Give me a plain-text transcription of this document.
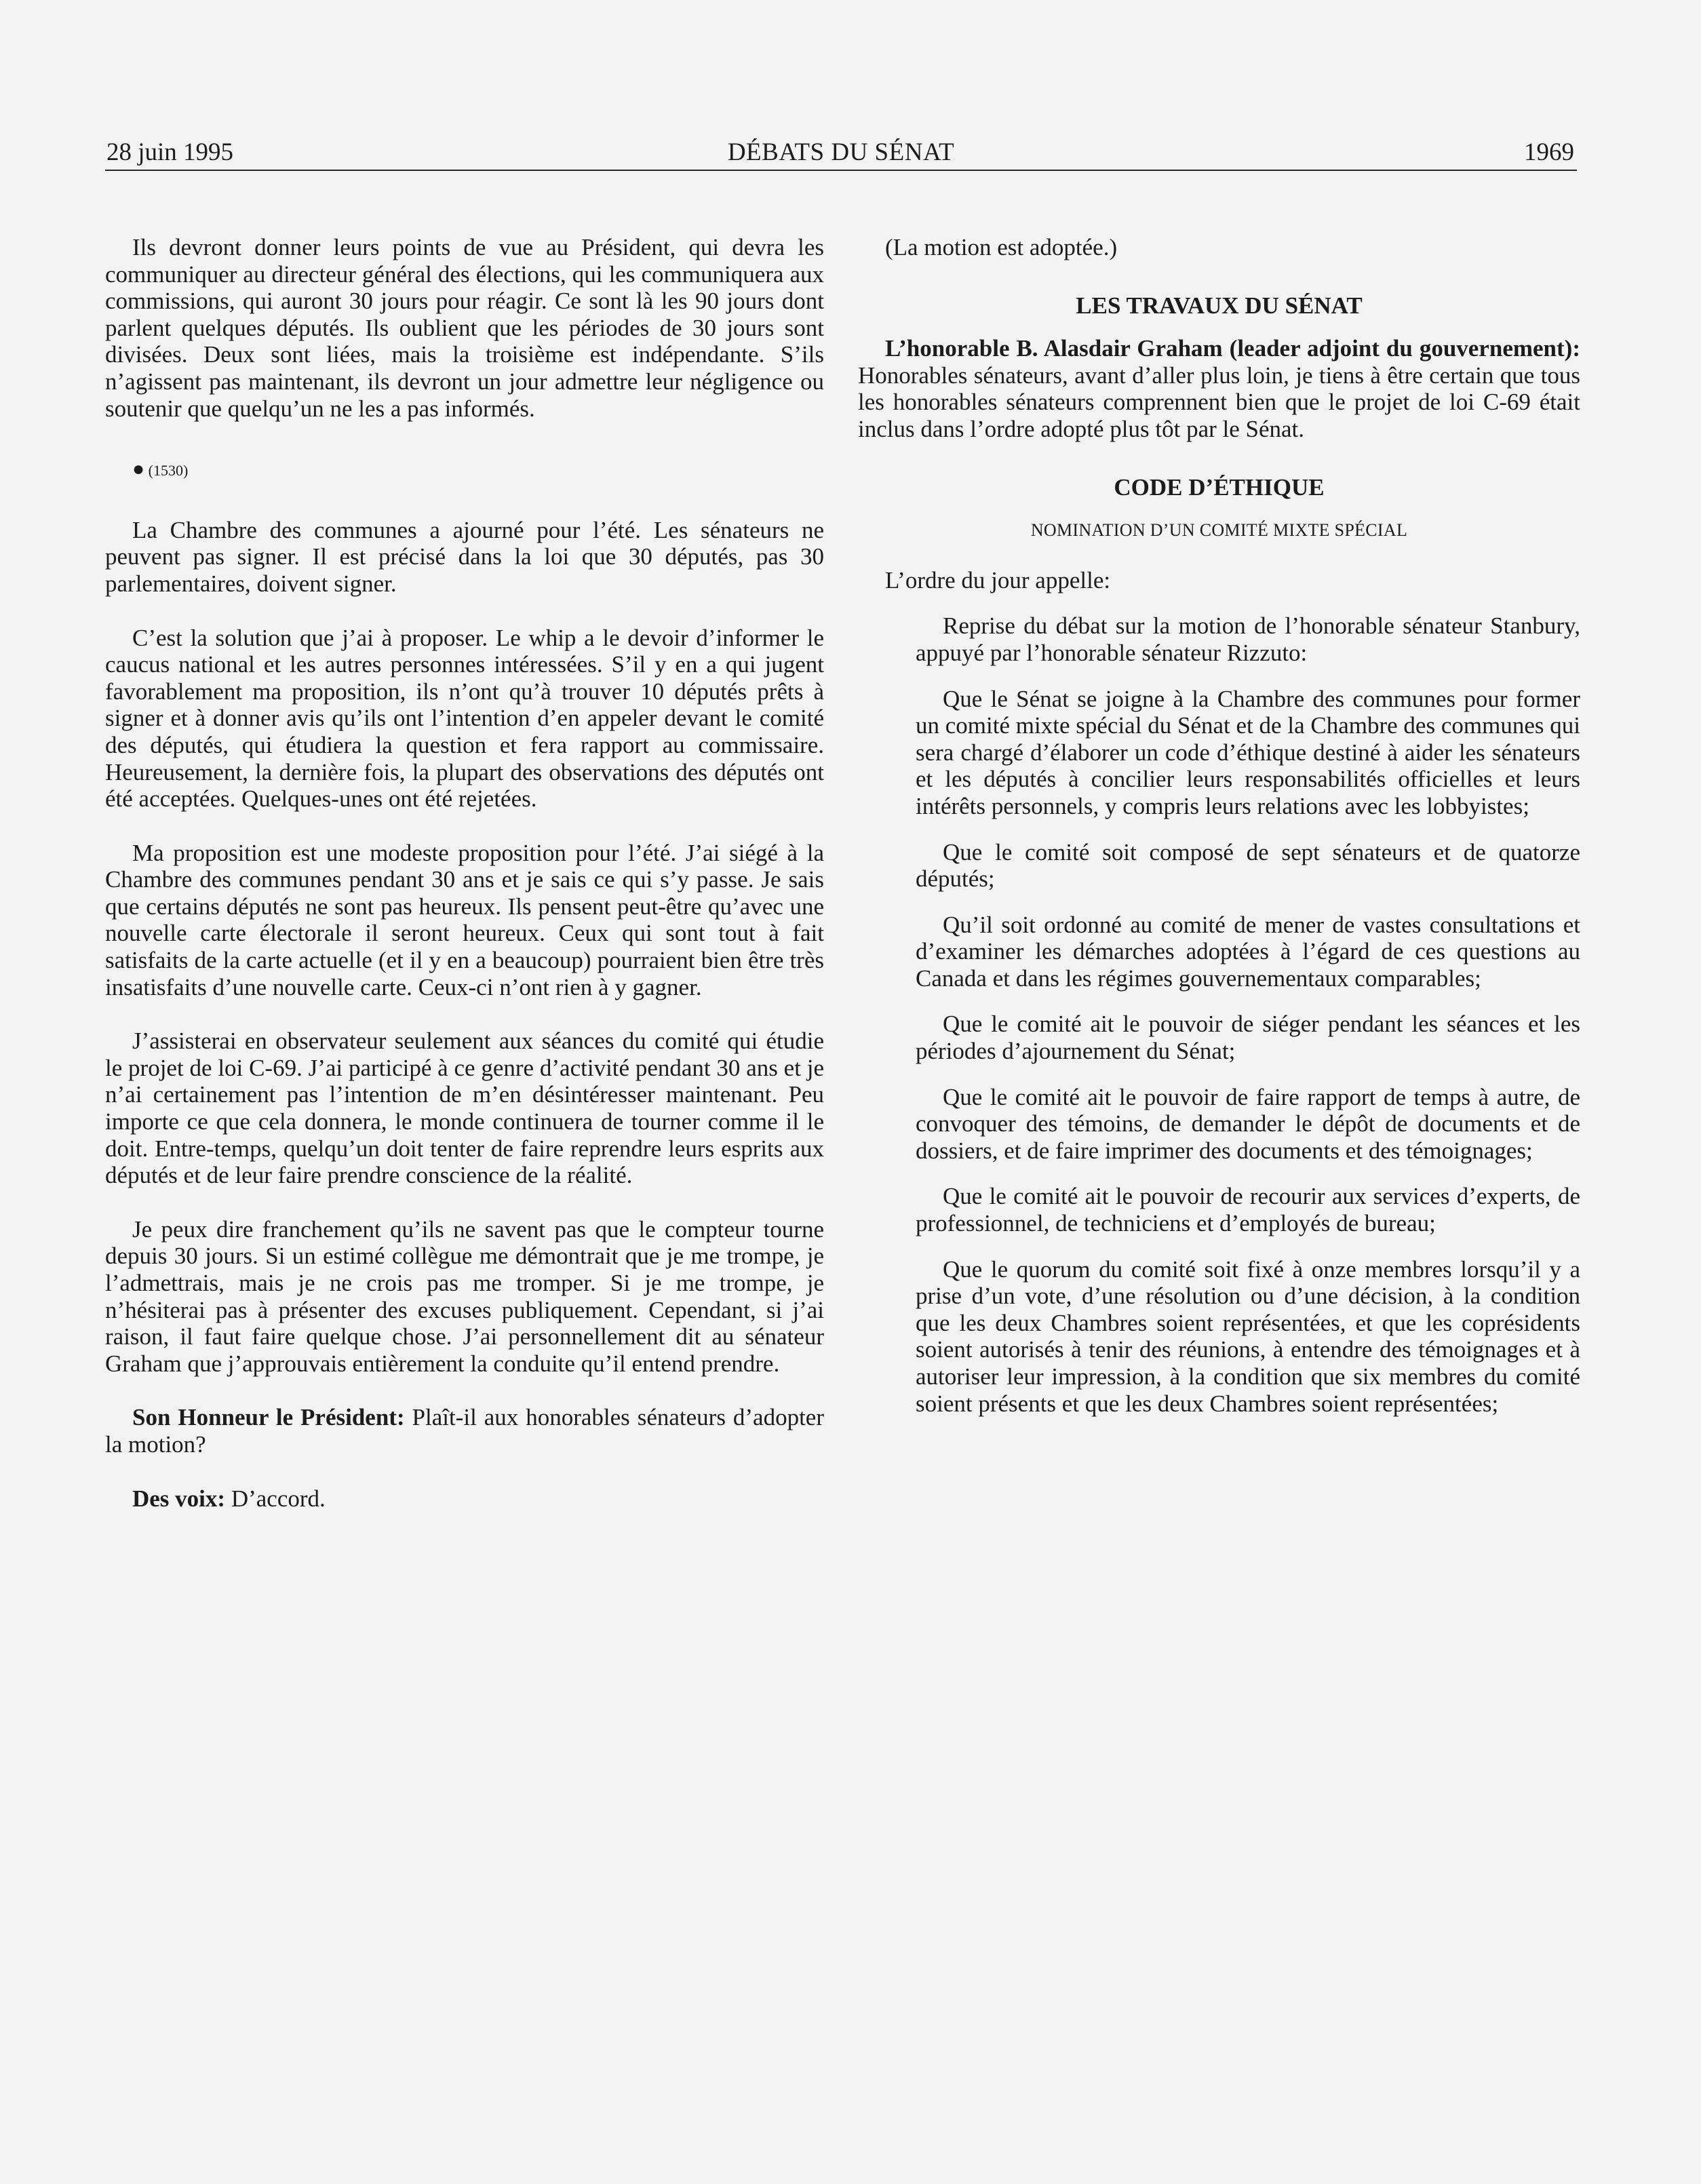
28 juin 1995	DÉBATS DU SÉNAT	1969

Ils devront donner leurs points de vue au Président, qui devra les communiquer au directeur général des élections, qui les communiquera aux commissions, qui auront 30 jours pour réagir. Ce sont là les 90 jours dont parlent quelques députés. Ils oublient que les périodes de 30 jours sont divisées. Deux sont liées, mais la troisième est indépendante. S’ils n’agissent pas maintenant, ils devront un jour admettre leur négligence ou soutenir que quelqu’un ne les a pas informés.

● (1530)

La Chambre des communes a ajourné pour l’été. Les sénateurs ne peuvent pas signer. Il est précisé dans la loi que 30 députés, pas 30 parlementaires, doivent signer.

C’est la solution que j’ai à proposer. Le whip a le devoir d’informer le caucus national et les autres personnes intéressées. S’il y en a qui jugent favorablement ma proposition, ils n’ont qu’à trouver 10 députés prêts à signer et à donner avis qu’ils ont l’intention d’en appeler devant le comité des députés, qui étudiera la question et fera rapport au commissaire. Heureusement, la dernière fois, la plupart des observations des députés ont été acceptées. Quelques-unes ont été rejetées.

Ma proposition est une modeste proposition pour l’été. J’ai siégé à la Chambre des communes pendant 30 ans et je sais ce qui s’y passe. Je sais que certains députés ne sont pas heureux. Ils pensent peut-être qu’avec une nouvelle carte électorale il seront heureux. Ceux qui sont tout à fait satisfaits de la carte actuelle (et il y en a beaucoup) pourraient bien être très insatisfaits d’une nouvelle carte. Ceux-ci n’ont rien à y gagner.

J’assisterai en observateur seulement aux séances du comité qui étudie le projet de loi C-69. J’ai participé à ce genre d’activité pendant 30 ans et je n’ai certainement pas l’intention de m’en désintéresser maintenant. Peu importe ce que cela donnera, le monde continuera de tourner comme il le doit. Entre-temps, quelqu’un doit tenter de faire reprendre leurs esprits aux députés et de leur faire prendre conscience de la réalité.

Je peux dire franchement qu’ils ne savent pas que le compteur tourne depuis 30 jours. Si un estimé collègue me démontrait que je me trompe, je l’admettrais, mais je ne crois pas me tromper. Si je me trompe, je n’hésiterai pas à présenter des excuses publiquement. Cependant, si j’ai raison, il faut faire quelque chose. J’ai personnellement dit au sénateur Graham que j’approuvais entièrement la conduite qu’il entend prendre.

Son Honneur le Président: Plaît-il aux honorables sénateurs d’adopter la motion?

Des voix: D’accord.

(La motion est adoptée.)

LES TRAVAUX DU SÉNAT

L’honorable B. Alasdair Graham (leader adjoint du gouvernement): Honorables sénateurs, avant d’aller plus loin, je tiens à être certain que tous les honorables sénateurs comprennent bien que le projet de loi C-69 était inclus dans l’ordre adopté plus tôt par le Sénat.

CODE D’ÉTHIQUE

NOMINATION D’UN COMITÉ MIXTE SPÉCIAL

L’ordre du jour appelle:

Reprise du débat sur la motion de l’honorable sénateur Stanbury, appuyé par l’honorable sénateur Rizzuto:

Que le Sénat se joigne à la Chambre des communes pour former un comité mixte spécial du Sénat et de la Chambre des communes qui sera chargé d’élaborer un code d’éthique destiné à aider les sénateurs et les députés à concilier leurs responsabilités officielles et leurs intérêts personnels, y compris leurs relations avec les lobbyistes;

Que le comité soit composé de sept sénateurs et de quatorze députés;

Qu’il soit ordonné au comité de mener de vastes consultations et d’examiner les démarches adoptées à l’égard de ces questions au Canada et dans les régimes gouvernementaux comparables;

Que le comité ait le pouvoir de siéger pendant les séances et les périodes d’ajournement du Sénat;

Que le comité ait le pouvoir de faire rapport de temps à autre, de convoquer des témoins, de demander le dépôt de documents et de dossiers, et de faire imprimer des documents et des témoignages;

Que le comité ait le pouvoir de recourir aux services d’experts, de professionnel, de techniciens et d’employés de bureau;

Que le quorum du comité soit fixé à onze membres lorsqu’il y a prise d’un vote, d’une résolution ou d’une décision, à la condition que les deux Chambres soient représentées, et que les coprésidents soient autorisés à tenir des réunions, à entendre des témoignages et à autoriser leur impression, à la condition que six membres du comité soient présents et que les deux Chambres soient représentées;
